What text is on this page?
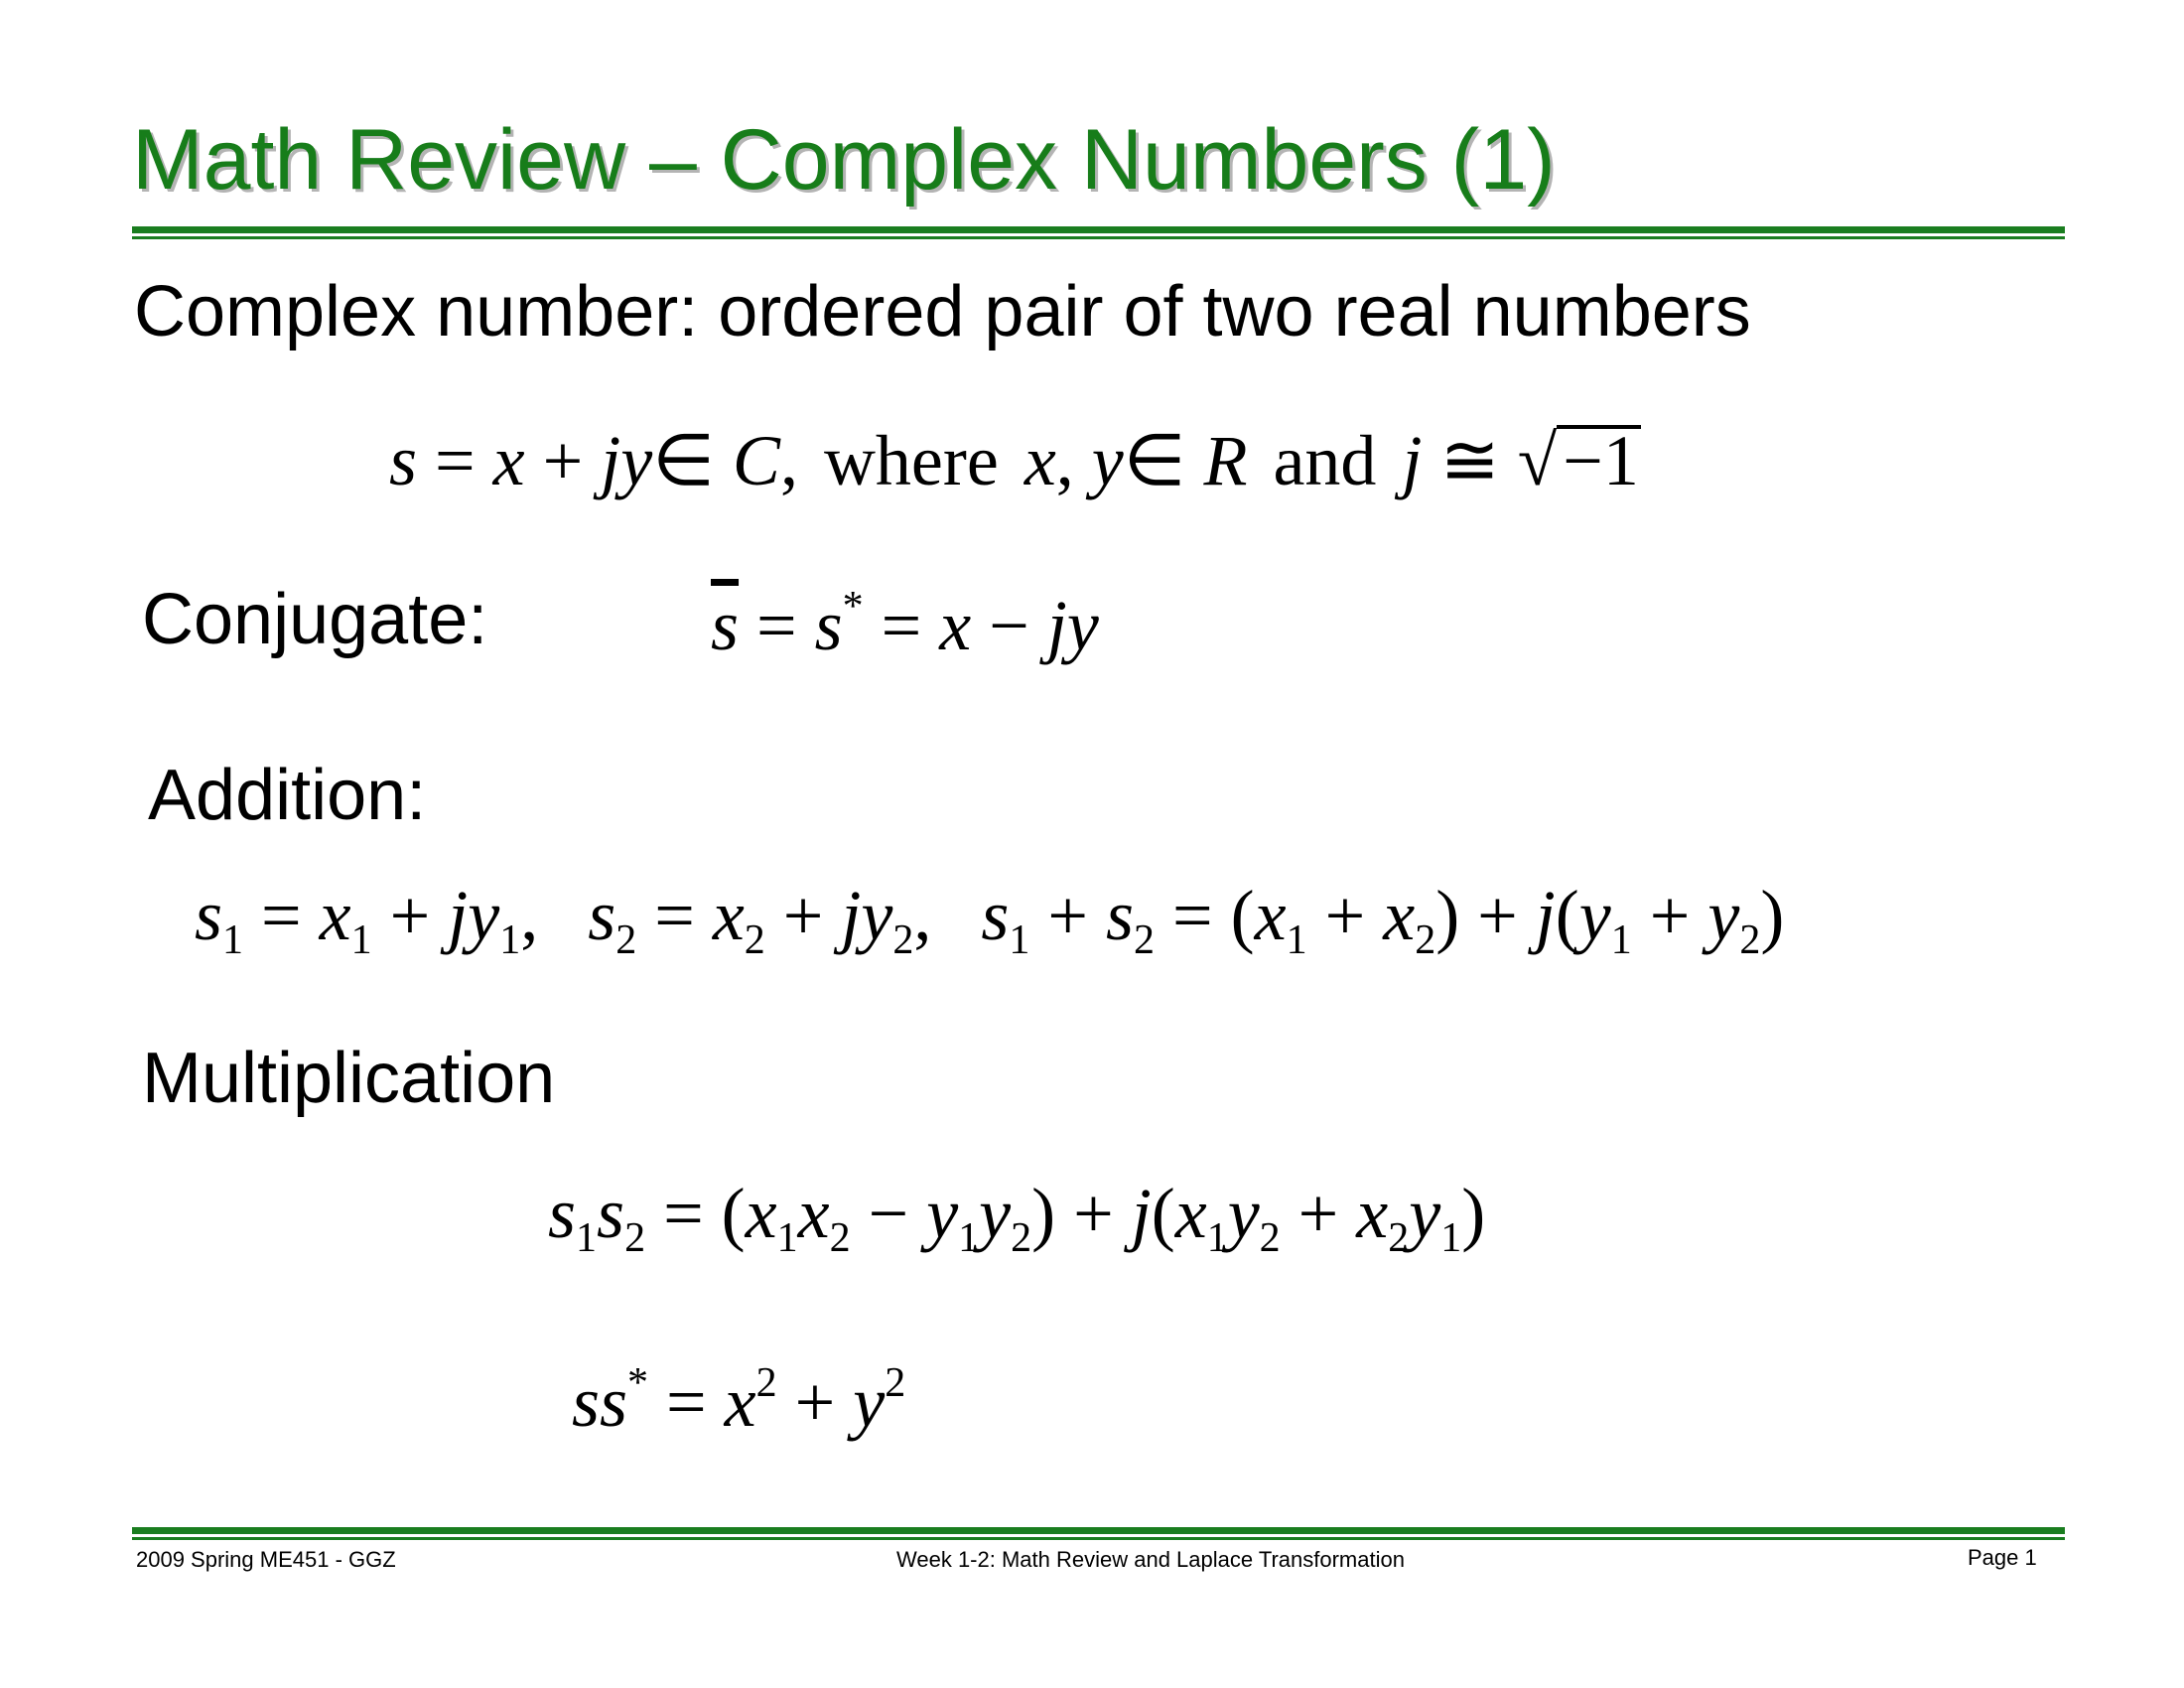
Math Review – Complex Numbers (1)
Complex number: ordered pair of two real numbers
s = x + jy∈ C, where x, y∈ R and j ≅ √−1
Conjugate:	$\overline{s} = s^* = x$ − jy
Addition:
$s_1 = x_1 + jy_1$, $s_2 = x_2 + jy_2$, $s_1 + s_2 = (x_1 + x_2) + j(y_1 + y_2)$
Multiplication
$s_1s_2 = (x_1x_2 - y_1y_2) + j(x_1y_2 + x_2y_1)$
$ss^* = x^2 + y^2$
2009 Spring ME451 - GGZ	Week 1-2: Math Review and Laplace Transformation	Page 1
